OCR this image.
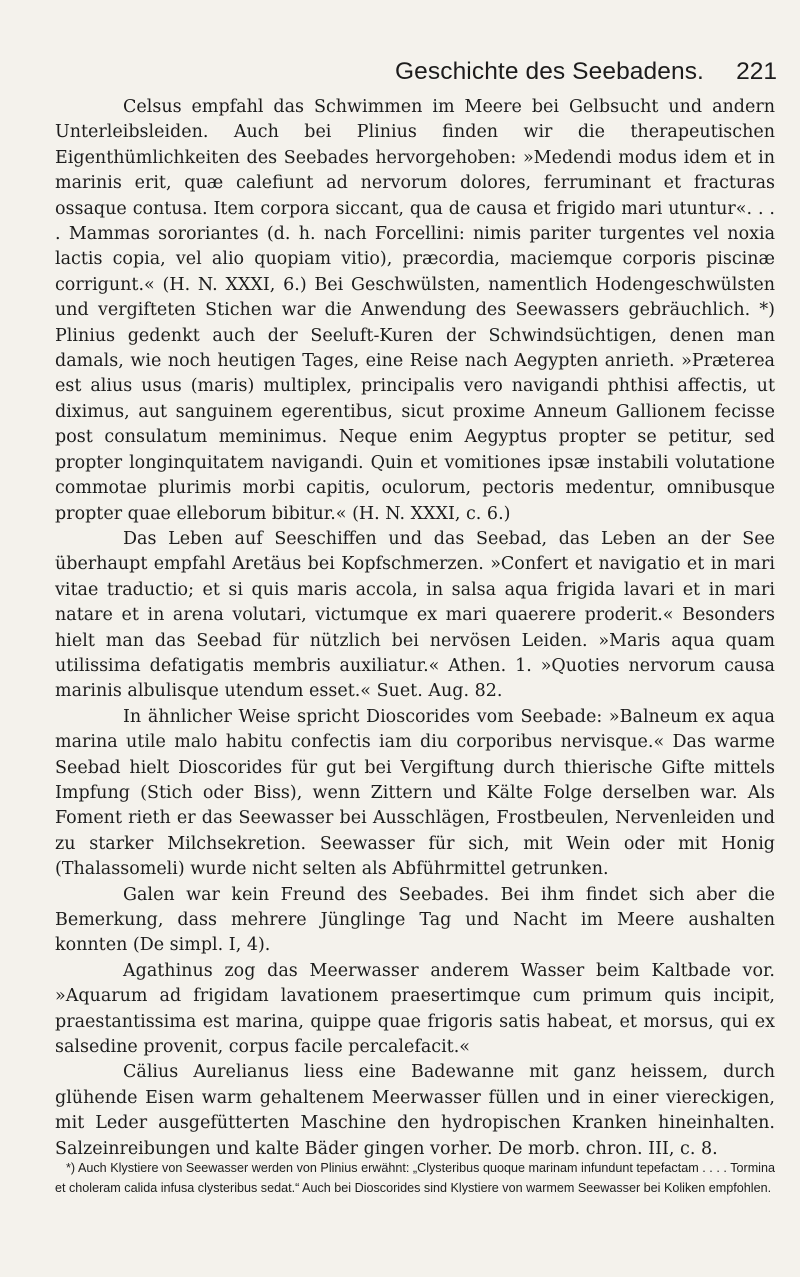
Geschichte des Seebadens. 221

Celsus empfahl das Schwimmen im Meere bei Gelbsucht und andern Unterleibsleiden. Auch bei Plinius finden wir die therapeutischen Eigenthümlichkeiten des Seebades hervorgehoben: »Medendi modus idem et in marinis erit, quæ calefiunt ad nervorum dolores, ferruminant et fracturas ossaque contusa. Item corpora siccant, qua de causa et frigido mari utuntur«. . . . Mammas sororiantes (d. h. nach Forcellini: nimis pariter turgentes vel noxia lactis copia, vel alio quopiam vitio), præcordia, maciemque corporis piscinæ corrigunt.« (H. N. XXXI, 6.) Bei Geschwülsten, namentlich Hodengeschwülsten und vergifteten Stichen war die Anwendung des Seewassers gebräuchlich. *) Plinius gedenkt auch der Seeluft-Kuren der Schwindsüchtigen, denen man damals, wie noch heutigen Tages, eine Reise nach Aegypten anrieth. »Præterea est alius usus (maris) multiplex, principalis vero navigandi phthisi affectis, ut diximus, aut sanguinem egerentibus, sicut proxime Anneum Gallionem fecisse post consulatum meminimus. Neque enim Aegyptus propter se petitur, sed propter longinquitatem navigandi. Quin et vomitiones ipsæ instabili volutatione commotae plurimis morbi capitis, oculorum, pectoris medentur, omnibusque propter quae elleborum bibitur.« (H. N. XXXI, c. 6.)

Das Leben auf Seeschiffen und das Seebad, das Leben an der See überhaupt empfahl Aretäus bei Kopfschmerzen. »Confert et navigatio et in mari vitae traductio; et si quis maris accola, in salsa aqua frigida lavari et in mari natare et in arena volutari, victumque ex mari quaerere proderit.« Besonders hielt man das Seebad für nützlich bei nervösen Leiden. »Maris aqua quam utilissima defatigatis membris auxiliatur.« Athen. 1. »Quoties nervorum causa marinis albulisque utendum esset.« Suet. Aug. 82.

In ähnlicher Weise spricht Dioscorides vom Seebade: »Balneum ex aqua marina utile malo habitu confectis iam diu corporibus nervisque.« Das warme Seebad hielt Dioscorides für gut bei Vergiftung durch thierische Gifte mittels Impfung (Stich oder Biss), wenn Zittern und Kälte Folge derselben war. Als Foment rieth er das Seewasser bei Ausschlägen, Frostbeulen, Nervenleiden und zu starker Milchsekretion. Seewasser für sich, mit Wein oder mit Honig (Thalassomeli) wurde nicht selten als Abführmittel getrunken.

Galen war kein Freund des Seebades. Bei ihm findet sich aber die Bemerkung, dass mehrere Jünglinge Tag und Nacht im Meere aushalten konnten (De simpl. I, 4).

Agathinus zog das Meerwasser anderem Wasser beim Kaltbade vor. »Aquarum ad frigidam lavationem praesertimque cum primum quis incipit, praestantissima est marina, quippe quae frigoris satis habeat, et morsus, qui ex salsedine provenit, corpus facile percalefacit.«

Cälius Aurelianus liess eine Badewanne mit ganz heissem, durch glühende Eisen warm gehaltenem Meerwasser füllen und in einer viereckigen, mit Leder ausgefütterten Maschine den hydropischen Kranken hineinhalten. Salzeinreibungen und kalte Bäder gingen vorher. De morb. chron. III, c. 8.

*) Auch Klystiere von Seewasser werden von Plinius erwähnt: „Clysteribus quoque marinam infundunt tepefactam . . . . Tormina et choleram calida infusa clysteribus sedat.“ Auch bei Dioscorides sind Klystiere von warmem Seewasser bei Koliken empfohlen.
